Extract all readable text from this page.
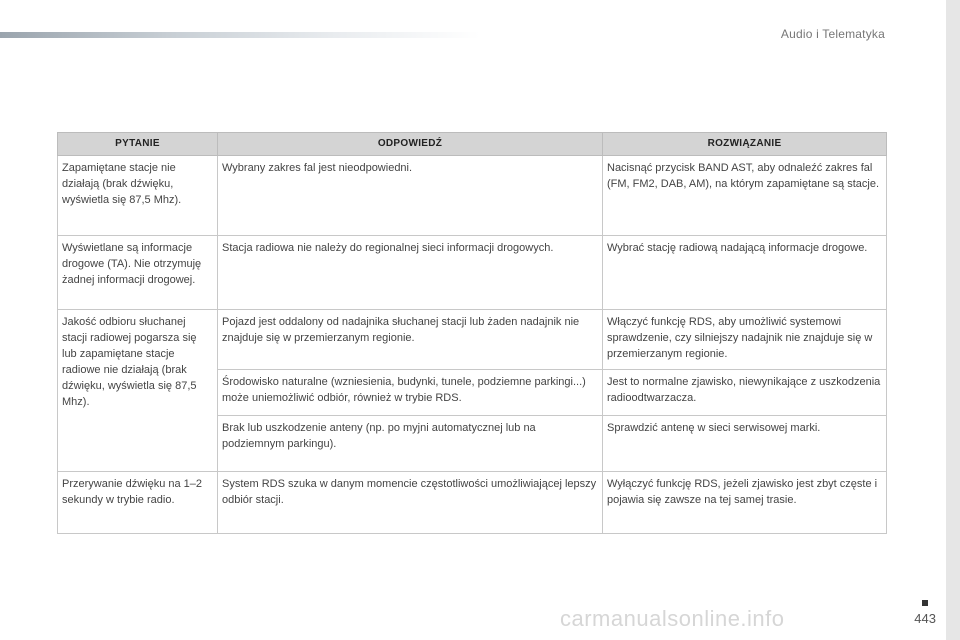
Audio i Telematyka
PYTANIE	ODPOWIEDŹ	ROZWIĄZANIE
Zapamiętane stacje nie działają (brak dźwięku, wyświetla się 87,5 Mhz).	Wybrany zakres fal jest nieodpowiedni.	Nacisnąć przycisk BAND AST, aby odnaleźć zakres fal (FM, FM2, DAB, AM), na którym zapamiętane są stacje.
Wyświetlane są informacje drogowe (TA). Nie otrzymuję żadnej informacji drogowej.	Stacja radiowa nie należy do regionalnej sieci informacji drogowych.	Wybrać stację radiową nadającą informacje drogowe.
Jakość odbioru słuchanej stacji radiowej pogarsza się lub zapamiętane stacje radiowe nie działają (brak dźwięku, wyświetla się 87,5 Mhz).	Pojazd jest oddalony od nadajnika słuchanej stacji lub żaden nadajnik nie znajduje się w przemierzanym regionie.	Włączyć funkcję RDS, aby umożliwić systemowi sprawdzenie, czy silniejszy nadajnik nie znajduje się w przemierzanym regionie.
	Środowisko naturalne (wzniesienia, budynki, tunele, podziemne parkingi...) może uniemożliwić odbiór, również w trybie RDS.	Jest to normalne zjawisko, niewynikające z uszkodzenia radioodtwarzacza.
	Brak lub uszkodzenie anteny (np. po myjni automatycznej lub na podziemnym parkingu).	Sprawdzić antenę w sieci serwisowej marki.
Przerywanie dźwięku na 1–2 sekundy w trybie radio.	System RDS szuka w danym momencie częstotliwości umożliwiającej lepszy odbiór stacji.	Wyłączyć funkcję RDS, jeżeli zjawisko jest zbyt częste i pojawia się zawsze na tej samej trasie.
443
carmanualsonline.info
